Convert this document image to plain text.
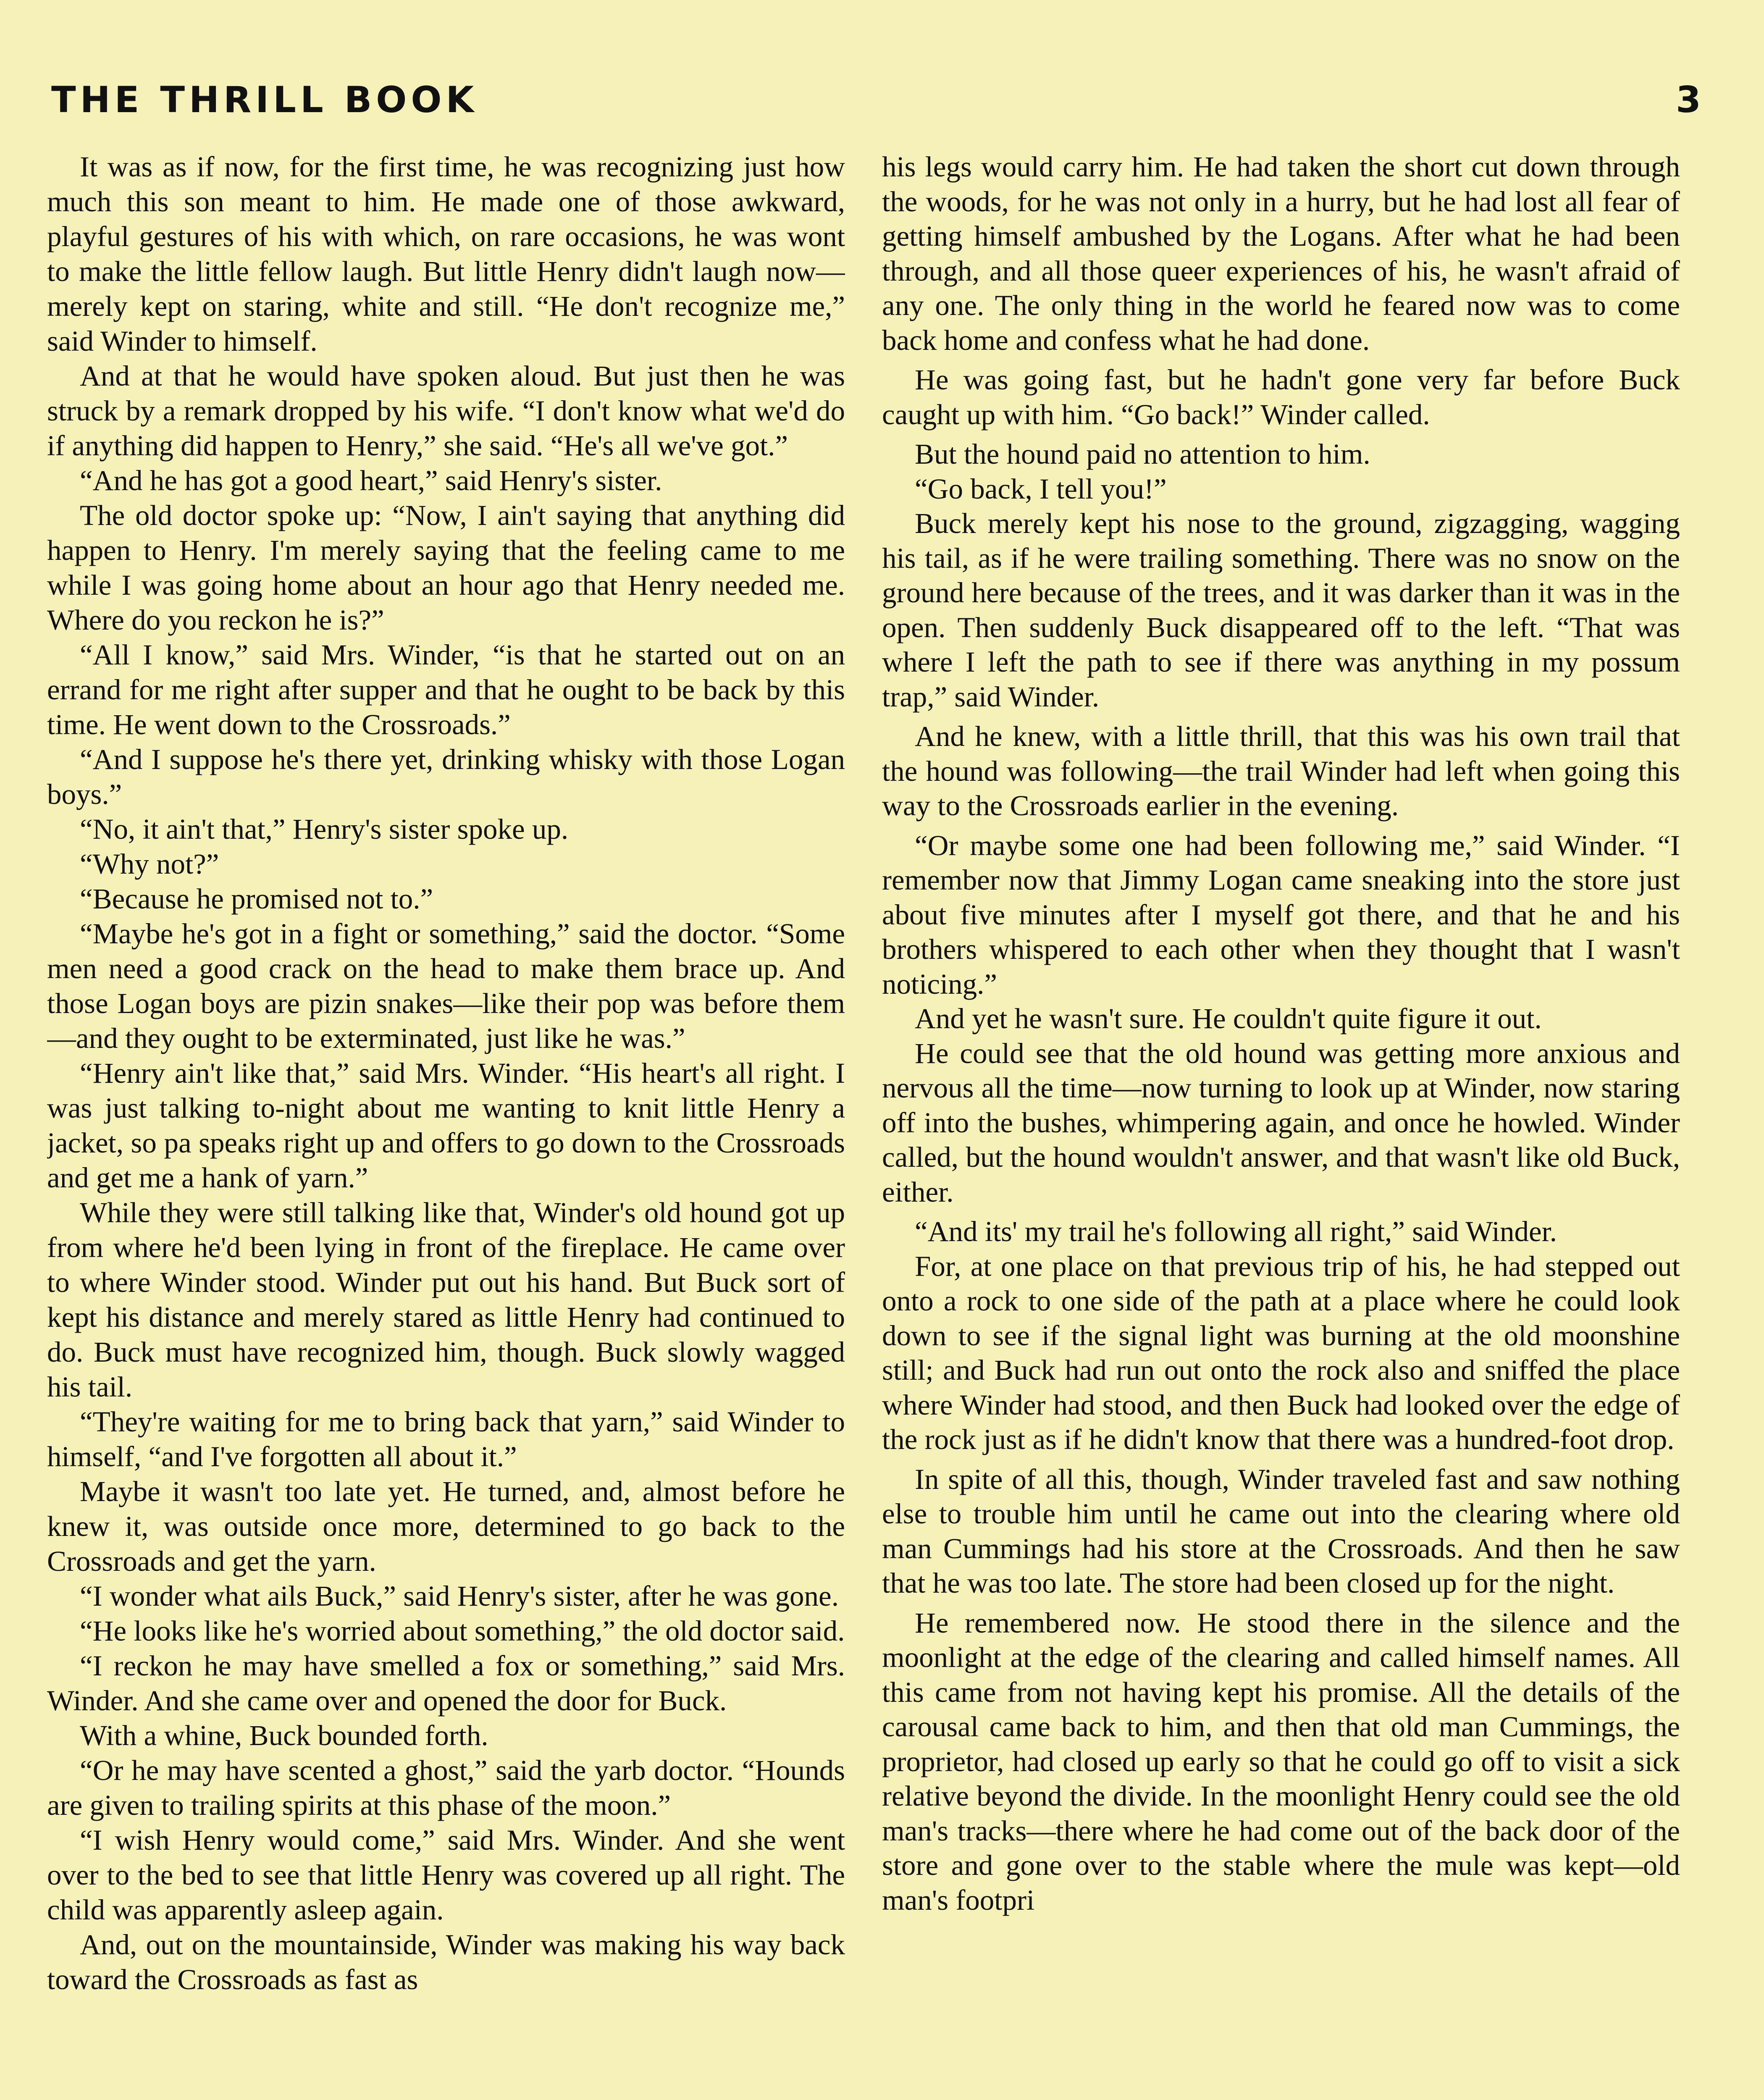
THE THRILL BOOK	3

It was as if now, for the first time, he was recognizing just how much this son meant to him. He made one of those awkward, playful gestures of his with which, on rare occasions, he was wont to make the little fellow laugh. But little Henry didn't laugh now—merely kept on staring, white and still. “He don't recognize me,” said Winder to himself.

And at that he would have spoken aloud. But just then he was struck by a remark dropped by his wife. “I don't know what we'd do if anything did happen to Henry,” she said. “He's all we've got.”

“And he has got a good heart,” said Henry's sister.

The old doctor spoke up: “Now, I ain't saying that anything did happen to Henry. I'm merely saying that the feeling came to me while I was going home about an hour ago that Henry needed me. Where do you reckon he is?”

“All I know,” said Mrs. Winder, “is that he started out on an errand for me right after supper and that he ought to be back by this time. He went down to the Crossroads.”

“And I suppose he's there yet, drinking whisky with those Logan boys.”

“No, it ain't that,” Henry's sister spoke up.

“Why not?”

“Because he promised not to.”

“Maybe he's got in a fight or something,” said the doctor. “Some men need a good crack on the head to make them brace up. And those Logan boys are pizin snakes—like their pop was before them—and they ought to be exterminated, just like he was.”

“Henry ain't like that,” said Mrs. Winder. “His heart's all right. I was just talking to-night about me wanting to knit little Henry a jacket, so pa speaks right up and offers to go down to the Crossroads and get me a hank of yarn.”

While they were still talking like that, Winder's old hound got up from where he'd been lying in front of the fireplace. He came over to where Winder stood. Winder put out his hand. But Buck sort of kept his distance and merely stared as little Henry had continued to do. Buck must have recognized him, though. Buck slowly wagged his tail.

“They're waiting for me to bring back that yarn,” said Winder to himself, “and I've forgotten all about it.”

Maybe it wasn't too late yet. He turned, and, almost before he knew it, was outside once more, determined to go back to the Crossroads and get the yarn.

“I wonder what ails Buck,” said Henry's sister, after he was gone.

“He looks like he's worried about something,” the old doctor said.

“I reckon he may have smelled a fox or something,” said Mrs. Winder. And she came over and opened the door for Buck.

With a whine, Buck bounded forth.

“Or he may have scented a ghost,” said the yarb doctor. “Hounds are given to trailing spirits at this phase of the moon.”

“I wish Henry would come,” said Mrs. Winder. And she went over to the bed to see that little Henry was covered up all right. The child was apparently asleep again.

And, out on the mountainside, Winder was making his way back toward the Crossroads as fast as

his legs would carry him. He had taken the short cut down through the woods, for he was not only in a hurry, but he had lost all fear of getting himself ambushed by the Logans. After what he had been through, and all those queer experiences of his, he wasn't afraid of any one. The only thing in the world he feared now was to come back home and confess what he had done.

He was going fast, but he hadn't gone very far before Buck caught up with him. “Go back!” Winder called.

But the hound paid no attention to him.

“Go back, I tell you!”

Buck merely kept his nose to the ground, zigzagging, wagging his tail, as if he were trailing something. There was no snow on the ground here because of the trees, and it was darker than it was in the open. Then suddenly Buck disappeared off to the left. “That was where I left the path to see if there was anything in my possum trap,” said Winder.

And he knew, with a little thrill, that this was his own trail that the hound was following—the trail Winder had left when going this way to the Crossroads earlier in the evening.

“Or maybe some one had been following me,” said Winder. “I remember now that Jimmy Logan came sneaking into the store just about five minutes after I myself got there, and that he and his brothers whispered to each other when they thought that I wasn't noticing.”

And yet he wasn't sure. He couldn't quite figure it out.

He could see that the old hound was getting more anxious and nervous all the time—now turning to look up at Winder, now staring off into the bushes, whimpering again, and once he howled. Winder called, but the hound wouldn't answer, and that wasn't like old Buck, either.

“And its' my trail he's following all right,” said Winder.

For, at one place on that previous trip of his, he had stepped out onto a rock to one side of the path at a place where he could look down to see if the signal light was burning at the old moonshine still; and Buck had run out onto the rock also and sniffed the place where Winder had stood, and then Buck had looked over the edge of the rock just as if he didn't know that there was a hundred-foot drop.

In spite of all this, though, Winder traveled fast and saw nothing else to trouble him until he came out into the clearing where old man Cummings had his store at the Crossroads. And then he saw that he was too late. The store had been closed up for the night.

He remembered now. He stood there in the silence and the moonlight at the edge of the clearing and called himself names. All this came from not having kept his promise. All the details of the carousal came back to him, and then that old man Cummings, the proprietor, had closed up early so that he could go off to visit a sick relative beyond the divide. In the moonlight Henry could see the old man's tracks—there where he had come out of the back door of the store and gone over to the stable where the mule was kept—old man's footpri
